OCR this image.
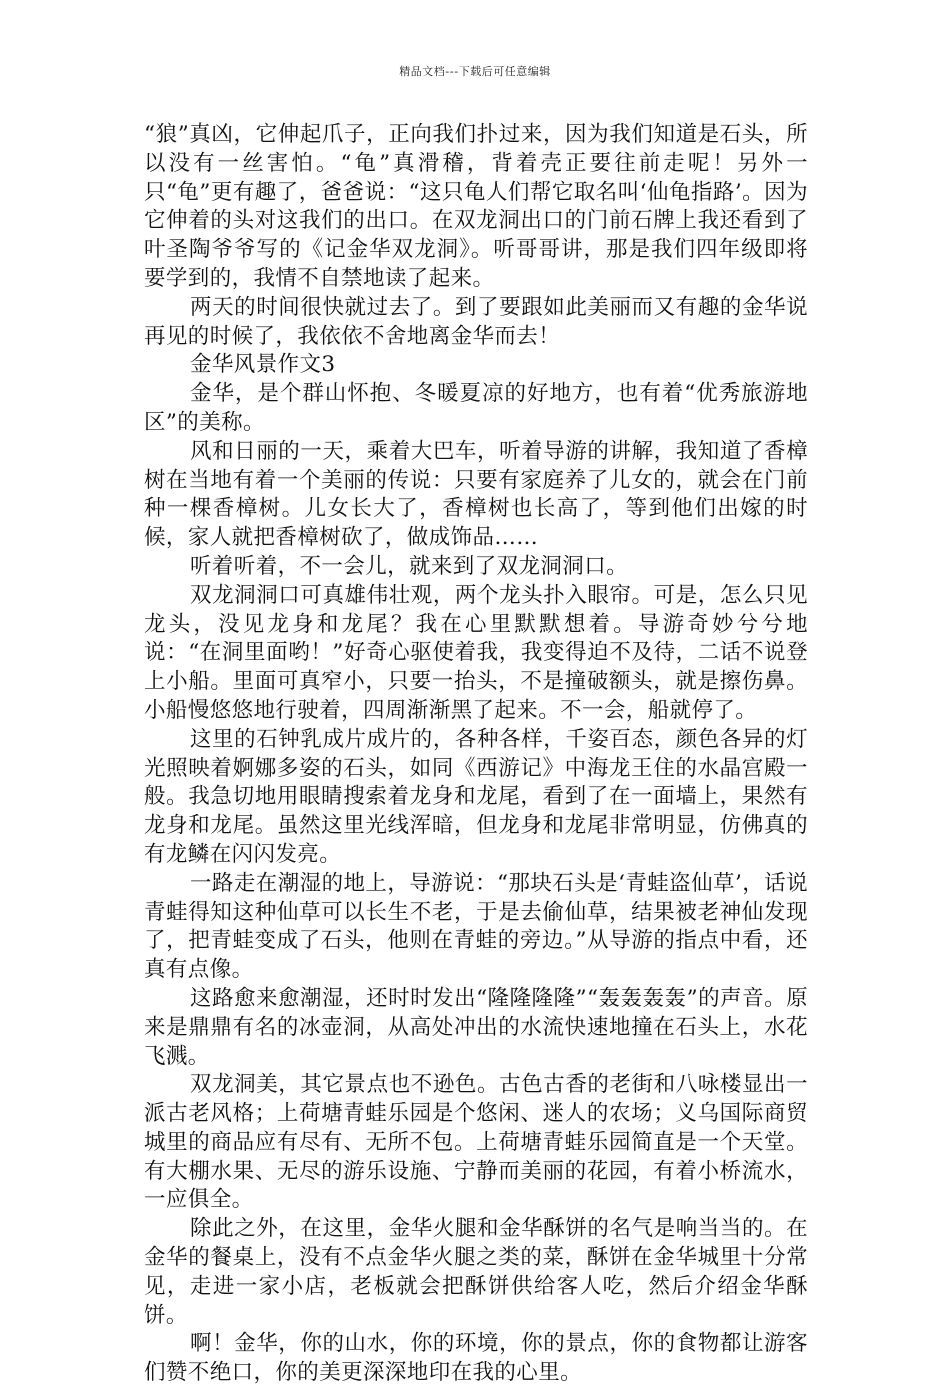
精品文档---下载后可任意编辑

“狼”真凶，它伸起爪子，正向我们扑过来，因为我们知道是石头，所以没有一丝害怕。“龟”真滑稽，背着壳正要往前走呢！另外一只“龟”更有趣了，爸爸说：“这只龟人们帮它取名叫‘仙龟指路’。因为它伸着的头对这我们的出口。在双龙洞出口的门前石牌上我还看到了叶圣陶爷爷写的《记金华双龙洞》。听哥哥讲，那是我们四年级即将要学到的，我情不自禁地读了起来。

两天的时间很快就过去了。到了要跟如此美丽而又有趣的金华说再见的时候了，我依依不舍地离金华而去！

金华风景作文3

金华，是个群山怀抱、冬暖夏凉的好地方，也有着“优秀旅游地区”的美称。

风和日丽的一天，乘着大巴车，听着导游的讲解，我知道了香樟树在当地有着一个美丽的传说：只要有家庭养了儿女的，就会在门前种一棵香樟树。儿女长大了，香樟树也长高了，等到他们出嫁的时候，家人就把香樟树砍了，做成饰品……

听着听着，不一会儿，就来到了双龙洞洞口。

双龙洞洞口可真雄伟壮观，两个龙头扑入眼帘。可是，怎么只见龙头，没见龙身和龙尾？我在心里默默想着。导游奇妙兮兮地说：“在洞里面哟！”好奇心驱使着我，我变得迫不及待，二话不说登上小船。里面可真窄小，只要一抬头，不是撞破额头，就是擦伤鼻。小船慢悠悠地行驶着，四周渐渐黑了起来。不一会，船就停了。

这里的石钟乳成片成片的，各种各样，千姿百态，颜色各异的灯光照映着婀娜多姿的石头，如同《西游记》中海龙王住的水晶宫殿一般。我急切地用眼睛搜索着龙身和龙尾，看到了在一面墙上，果然有龙身和龙尾。虽然这里光线浑暗，但龙身和龙尾非常明显，仿佛真的有龙鳞在闪闪发亮。

一路走在潮湿的地上，导游说：“那块石头是‘青蛙盗仙草’，话说青蛙得知这种仙草可以长生不老，于是去偷仙草，结果被老神仙发现了，把青蛙变成了石头，他则在青蛙的旁边。”从导游的指点中看，还真有点像。

这路愈来愈潮湿，还时时发出“隆隆隆隆”“轰轰轰轰”的声音。原来是鼎鼎有名的冰壶洞，从高处冲出的水流快速地撞在石头上，水花飞溅。

双龙洞美，其它景点也不逊色。古色古香的老街和八咏楼显出一派古老风格；上荷塘青蛙乐园是个悠闲、迷人的农场；义乌国际商贸城里的商品应有尽有、无所不包。上荷塘青蛙乐园简直是一个天堂。有大棚水果、无尽的游乐设施、宁静而美丽的花园，有着小桥流水，一应俱全。

除此之外，在这里，金华火腿和金华酥饼的名气是响当当的。在金华的餐桌上，没有不点金华火腿之类的菜，酥饼在金华城里十分常见，走进一家小店，老板就会把酥饼供给客人吃，然后介绍金华酥饼。

啊！金华，你的山水，你的环境，你的景点，你的食物都让游客们赞不绝口，你的美更深深地印在我的心里。
